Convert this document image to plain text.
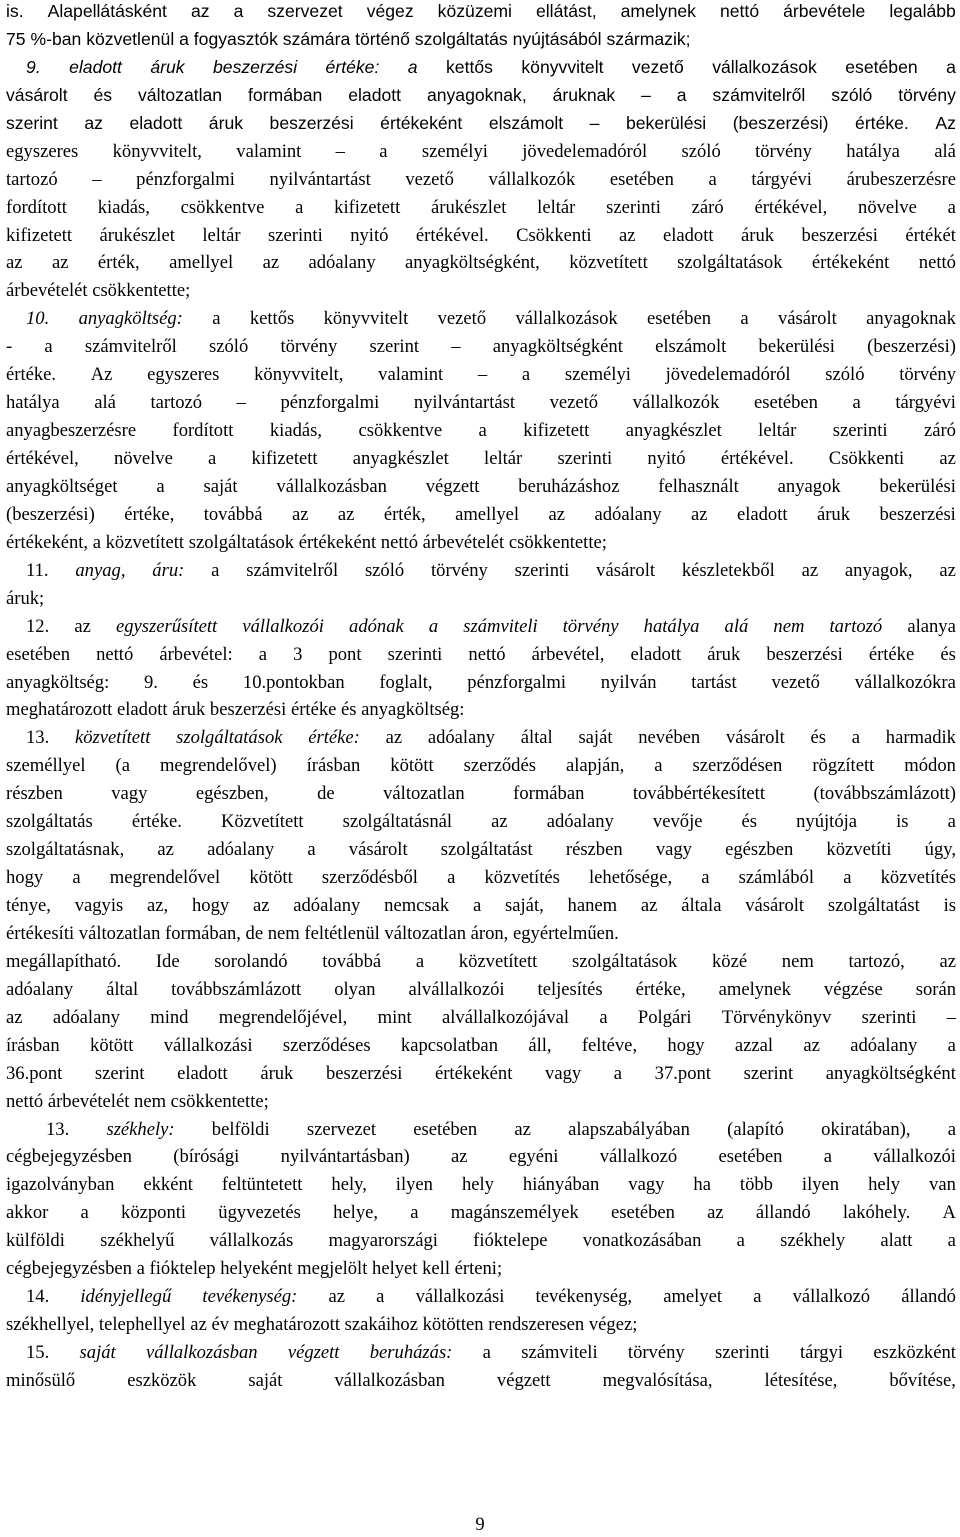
is. Alapellátásként az a szervezet végez közüzemi ellátást, amelynek nettó árbevétele legalább
75 %-ban közvetlenül a fogyasztók számára történő szolgáltatás nyújtásából származik;
9. eladott áruk beszerzési értéke: a kettős könyvvitelt vezető vállalkozások esetében a
vásárolt és változatlan formában eladott anyagoknak, áruknak – a számvitelről szóló törvény
szerint az eladott áruk beszerzési értékeként elszámolt – bekerülési (beszerzési) értéke. Az
egyszeres könyvvitelt, valamint – a személyi jövedelemadóról szóló törvény hatálya alá
tartozó – pénzforgalmi nyilvántartást vezető vállalkozók esetében a tárgyévi árubeszerzésre
fordított kiadás, csökkentve a kifizetett árukészlet leltár szerinti záró értékével, növelve a
kifizetett árukészlet leltár szerinti nyitó értékével. Csökkenti az eladott áruk beszerzési értékét
az az érték, amellyel az adóalany anyagköltségként, közvetített szolgáltatások értékeként nettó
árbevételét csökkentette;
10. anyagköltség: a kettős könyvvitelt vezető vállalkozások esetében a vásárolt anyagoknak
- a számvitelről szóló törvény szerint – anyagköltségként elszámolt bekerülési (beszerzési)
értéke. Az egyszeres könyvvitelt, valamint – a személyi jövedelemadóról szóló törvény
hatálya alá tartozó – pénzforgalmi nyilvántartást vezető vállalkozók esetében a tárgyévi
anyagbeszerzésre fordított kiadás, csökkentve a kifizetett anyagkészlet leltár szerinti záró
értékével, növelve a kifizetett anyagkészlet leltár szerinti nyitó értékével. Csökkenti az
anyagköltséget a saját vállalkozásban végzett beruházáshoz felhasznált anyagok bekerülési
(beszerzési) értéke, továbbá az az érték, amellyel az adóalany az eladott áruk beszerzési
értékeként, a közvetített szolgáltatások értékeként nettó árbevételét csökkentette;
11. anyag, áru: a számvitelről szóló törvény szerinti vásárolt készletekből az anyagok, az
áruk;
12. az egyszerűsített vállalkozói adónak a számviteli törvény hatálya alá nem tartozó alanya
esetében nettó árbevétel: a 3 pont szerinti nettó árbevétel, eladott áruk beszerzési értéke és
anyagköltség: 9. és 10.pontokban foglalt, pénzforgalmi nyilván tartást vezető vállalkozókra
meghatározott eladott áruk beszerzési értéke és anyagköltség:
13. közvetített szolgáltatások értéke: az adóalany által saját nevében vásárolt és a harmadik
személlyel (a megrendelővel) írásban kötött szerződés alapján, a szerződésen rögzített módon
részben	vagy	egészben,	de	változatlan	formában	továbbértékesített	(továbbszámlázott)
szolgáltatás értéke. Közvetített szolgáltatásnál az adóalany vevője és nyújtója is a
szolgáltatásnak, az adóalany a vásárolt szolgáltatást részben vagy egészben közvetíti úgy,
hogy a megrendelővel kötött szerződésből a közvetítés lehetősége, a számlából a közvetítés
ténye, vagyis az, hogy az adóalany nemcsak a saját, hanem az általa vásárolt szolgáltatást is
értékesíti változatlan formában, de nem feltétlenül változatlan áron, egyértelműen.
megállapítható. Ide sorolandó továbbá a közvetített szolgáltatások közé nem tartozó, az
adóalany által továbbszámlázott olyan alvállalkozói teljesítés értéke, amelynek végzése során
az adóalany mind megrendelőjével, mint alvállalkozójával a Polgári Törvénykönyv szerinti –
írásban kötött vállalkozási szerződéses kapcsolatban áll, feltéve, hogy azzal az adóalany a
36.pont szerint eladott áruk beszerzési értékeként vagy a 37.pont szerint anyagköltségként
nettó árbevételét nem csökkentette;
13. székhely: belföldi szervezet esetében az alapszabályában (alapító okiratában), a
cégbejegyzésben (bírósági nyilvántartásban) az egyéni vállalkozó esetében a vállalkozói
igazolványban ekként feltüntetett hely, ilyen hely hiányában vagy ha több ilyen hely van
akkor a központi ügyvezetés helye, a magánszemélyek esetében az állandó lakóhely. A
külföldi székhelyű vállalkozás magyarországi fióktelepe vonatkozásában a székhely alatt a
cégbejegyzésben a fióktelep helyeként megjelölt helyet kell érteni;
14. idényjellegű tevékenység: az a vállalkozási tevékenység, amelyet a vállalkozó állandó
székhellyel, telephellyel az év meghatározott szakáihoz kötötten rendszeresen végez;
15. saját vállalkozásban végzett beruházás: a számviteli törvény szerinti tárgyi eszközként
minősülő	eszközök	saját	vállalkozásban	végzett	megvalósítása,	létesítése,	bővítése,
9
